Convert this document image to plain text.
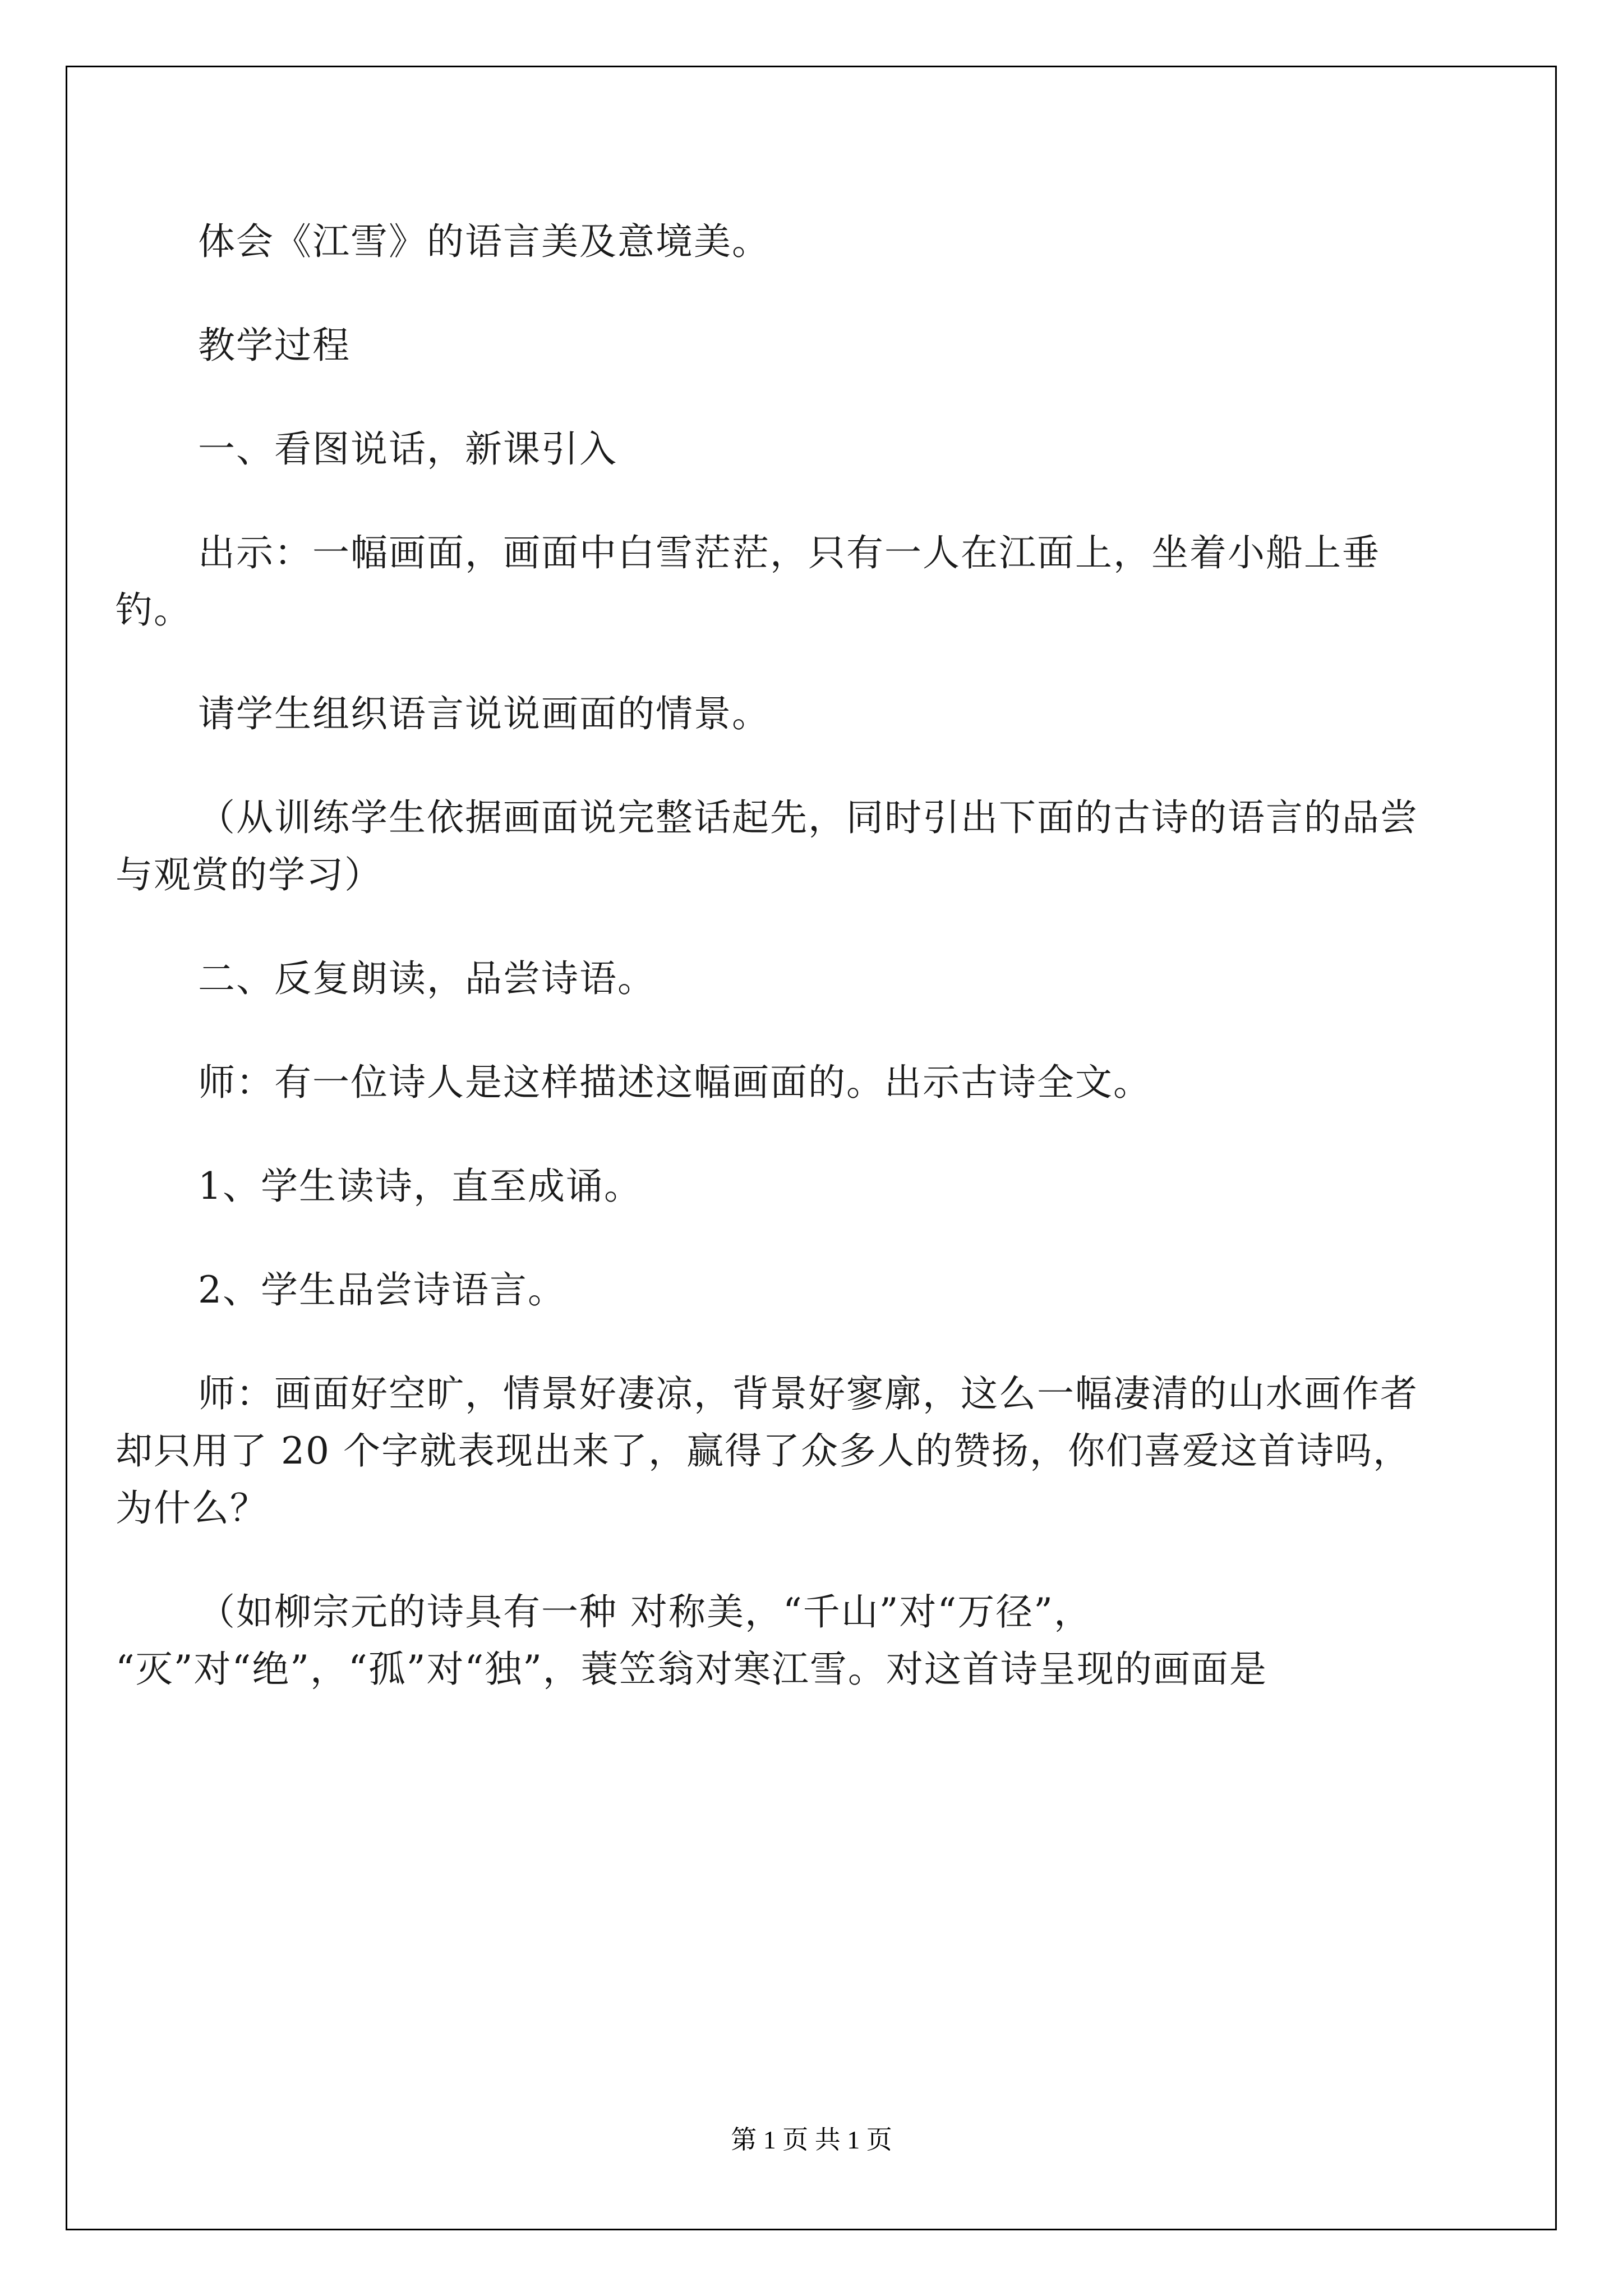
体会《江雪》的语言美及意境美。

教学过程

一、看图说话，新课引入

出示：一幅画面，画面中白雪茫茫，只有一人在江面上，坐着小船上垂钓。

请学生组织语言说说画面的情景。

（从训练学生依据画面说完整话起先，同时引出下面的古诗的语言的品尝与观赏的学习）

二、反复朗读，品尝诗语。

师：有一位诗人是这样描述这幅画面的。出示古诗全文。

1、学生读诗，直至成诵。

2、学生品尝诗语言。

师：画面好空旷，情景好凄凉，背景好寥廓，这么一幅凄清的山水画作者却只用了 20 个字就表现出来了，赢得了众多人的赞扬，你们喜爱这首诗吗，为什么？

（如柳宗元的诗具有一种 对称美，“千山”对“万径”， “灭”对“绝”，“孤”对“独”，蓑笠翁对寒江雪。对这首诗呈现的画面是

第 1 页 共 1 页
